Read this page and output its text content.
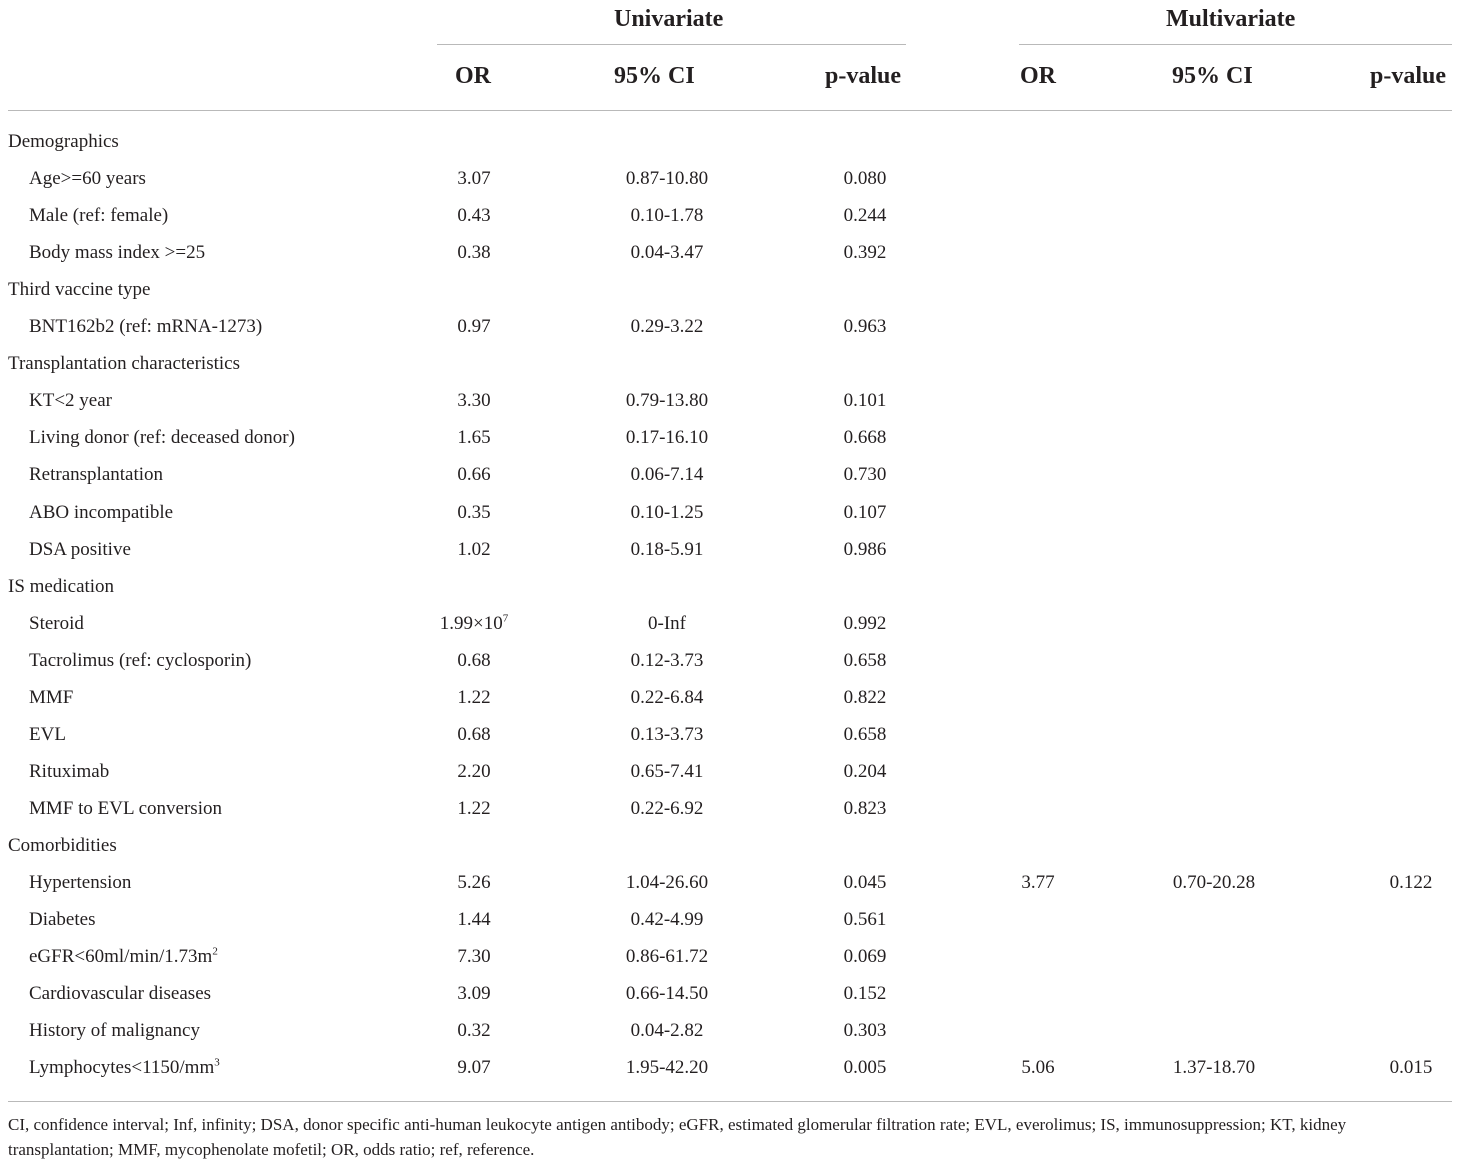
Univariate	Multivariate
OR	95% CI	p-value	OR	95% CI	p-value
Demographics
Age>=60 years	3.07	0.87-10.80	0.080
Male (ref: female)	0.43	0.10-1.78	0.244
Body mass index >=25	0.38	0.04-3.47	0.392
Third vaccine type
BNT162b2 (ref: mRNA-1273)	0.97	0.29-3.22	0.963
Transplantation characteristics
KT<2 year	3.30	0.79-13.80	0.101
Living donor (ref: deceased donor)	1.65	0.17-16.10	0.668
Retransplantation	0.66	0.06-7.14	0.730
ABO incompatible	0.35	0.10-1.25	0.107
DSA positive	1.02	0.18-5.91	0.986
IS medication
Steroid	$1.99\times 10^7$	0-Inf	0.992
Tacrolimus (ref: cyclosporin)	0.68	0.12-3.73	0.658
MMF	1.22	0.22-6.84	0.822
EVL	0.68	0.13-3.73	0.658
Rituximab	2.20	0.65-7.41	0.204
MMF to EVL conversion	1.22	0.22-6.92	0.823
Comorbidities
Hypertension	5.26	1.04-26.60	0.045	3.77	0.70-20.28	0.122
Diabetes	1.44	0.42-4.99	0.561
$eGFR<60ml/\min/1.73m^2$	7.30	0.86-61.72	0.069
Cardiovascular diseases	3.09	0.66-14.50	0.152
History of malignancy	0.32	0.04-2.82	0.303
$Lymphocytes<1150/mm^3$	9.07	1.95-42.20	0.005	5.06	1.37-18.70	0.015
CI, confidence interval; Inf, infinity; DSA, donor specific anti-human leukocyte antigen antibody; eGFR, estimated glomerular filtration rate; EVL, everolimus; IS, immunosuppression; KT, kidney transplantation; MMF, mycophenolate mofetil; OR, odds ratio; ref, reference.
